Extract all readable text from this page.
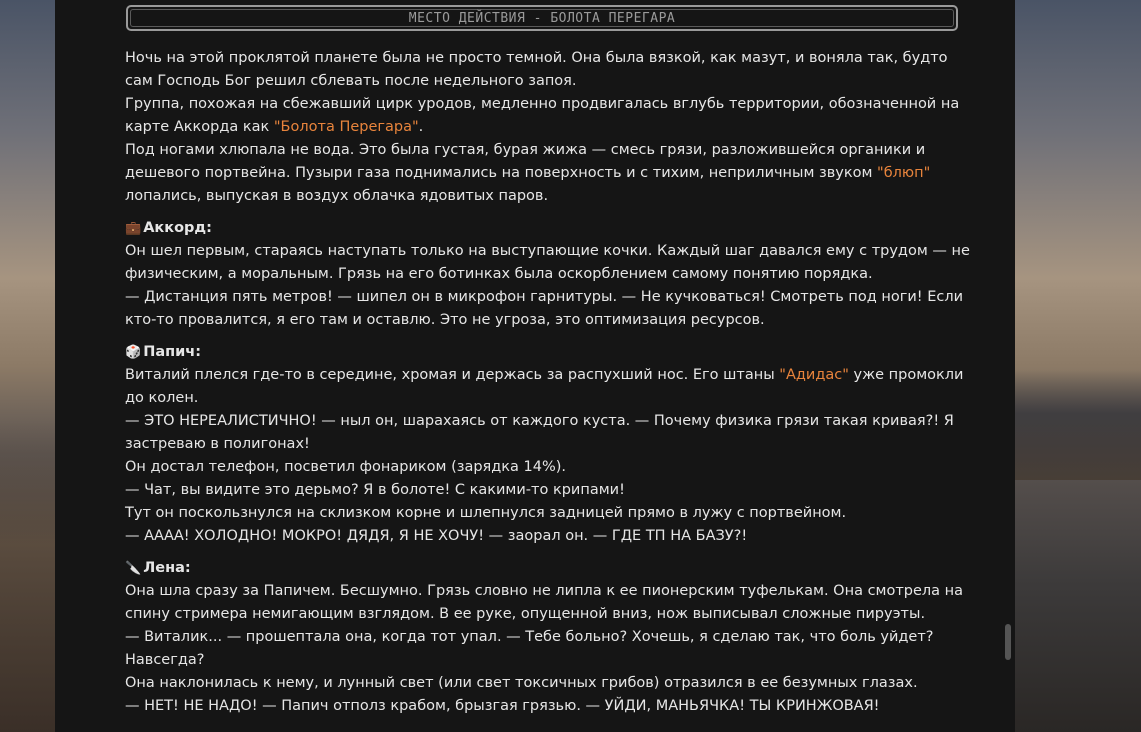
МЕСТО ДЕЙСТВИЯ - БОЛОТА ПЕРЕГАРА

Ночь на этой проклятой планете была не просто темной. Она была вязкой, как мазут, и воняла так, будто сам Господь Бог решил сблевать после недельного запоя.

Группа, похожая на сбежавший цирк уродов, медленно продвигалась вглубь территории, обозначенной на карте Аккорда как "Болота Перегара".

Под ногами хлюпала не вода. Это была густая, бурая жижа — смесь грязи, разложившейся органики и дешевого портвейна. Пузыри газа поднимались на поверхность и с тихим, неприличным звуком "блюп" лопались, выпуская в воздух облачка ядовитых паров.

💼 Аккорд:

Он шел первым, стараясь наступать только на выступающие кочки. Каждый шаг давался ему с трудом — не физическим, а моральным. Грязь на его ботинках была оскорблением самому понятию порядка.

— Дистанция пять метров! — шипел он в микрофон гарнитуры. — Не кучковаться! Смотреть под ноги! Если кто-то провалится, я его там и оставлю. Это не угроза, это оптимизация ресурсов.

🎲 Папич:

Виталий плелся где-то в середине, хромая и держась за распухший нос. Его штаны "Адидас" уже промокли до колен.

— ЭТО НЕРЕАЛИСТИЧНО! — ныл он, шарахаясь от каждого куста. — Почему физика грязи такая кривая?! Я застреваю в полигонах!

Он достал телефон, посветил фонариком (зарядка 14%).

— Чат, вы видите это дерьмо? Я в болоте! С какими-то крипами!

Тут он поскользнулся на склизком корне и шлепнулся задницей прямо в лужу с портвейном.

— АААА! ХОЛОДНО! МОКРО! ДЯДЯ, Я НЕ ХОЧУ! — заорал он. — ГДЕ ТП НА БАЗУ?!

🔪 Лена:

Она шла сразу за Папичем. Бесшумно. Грязь словно не липла к ее пионерским туфелькам. Она смотрела на спину стримера немигающим взглядом. В ее руке, опущенной вниз, нож выписывал сложные пируэты.

— Виталик... — прошептала она, когда тот упал. — Тебе больно? Хочешь, я сделаю так, что боль уйдет? Навсегда?

Она наклонилась к нему, и лунный свет (или свет токсичных грибов) отразился в ее безумных глазах.

— НЕТ! НЕ НАДО! — Папич отполз крабом, брызгая грязью. — УЙДИ, МАНЬЯЧКА! ТЫ КРИНЖОВАЯ!
